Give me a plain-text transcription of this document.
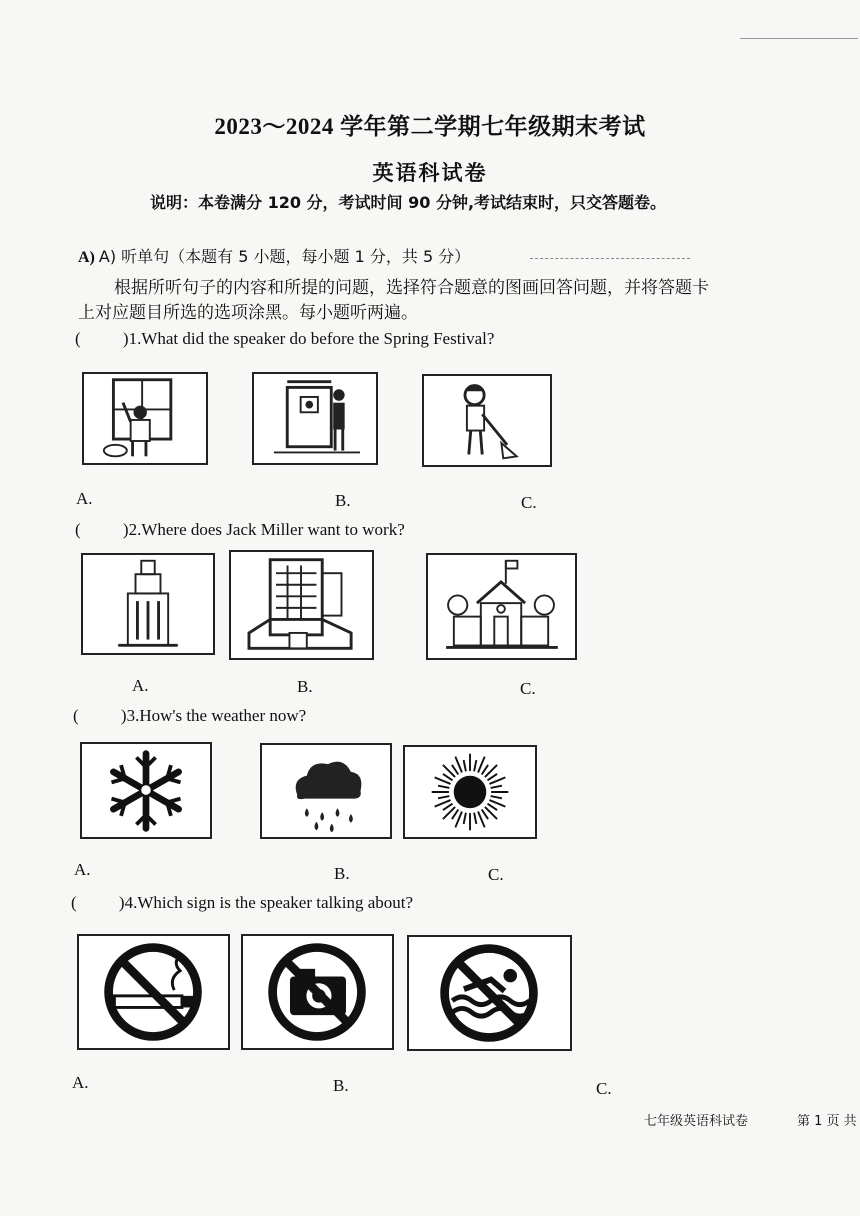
2023～2024 学年第二学期七年级期末考试
英语科试卷
说明：本卷满分 120 分，考试时间 90 分钟,考试结束时，只交答题卷。
A) A) 听单句（本题有 5 小题，每小题 1 分，共 5 分）
根据所听句子的内容和所提的问题，选择符合题意的图画回答问题，并将答题卡
上对应题目所选的选项涂黑。每小题听两遍。
( )1.What did the speaker do before the Spring Festival?
A.	B.	C.
( )2.Where does Jack Miller want to work?
A.	B.	C.
( )3.How's the weather now?
A.	B.	C.
( )4.Which sign is the speaker talking about?
A.	B.	C.
七年级英语科试卷	第 1 页 共
